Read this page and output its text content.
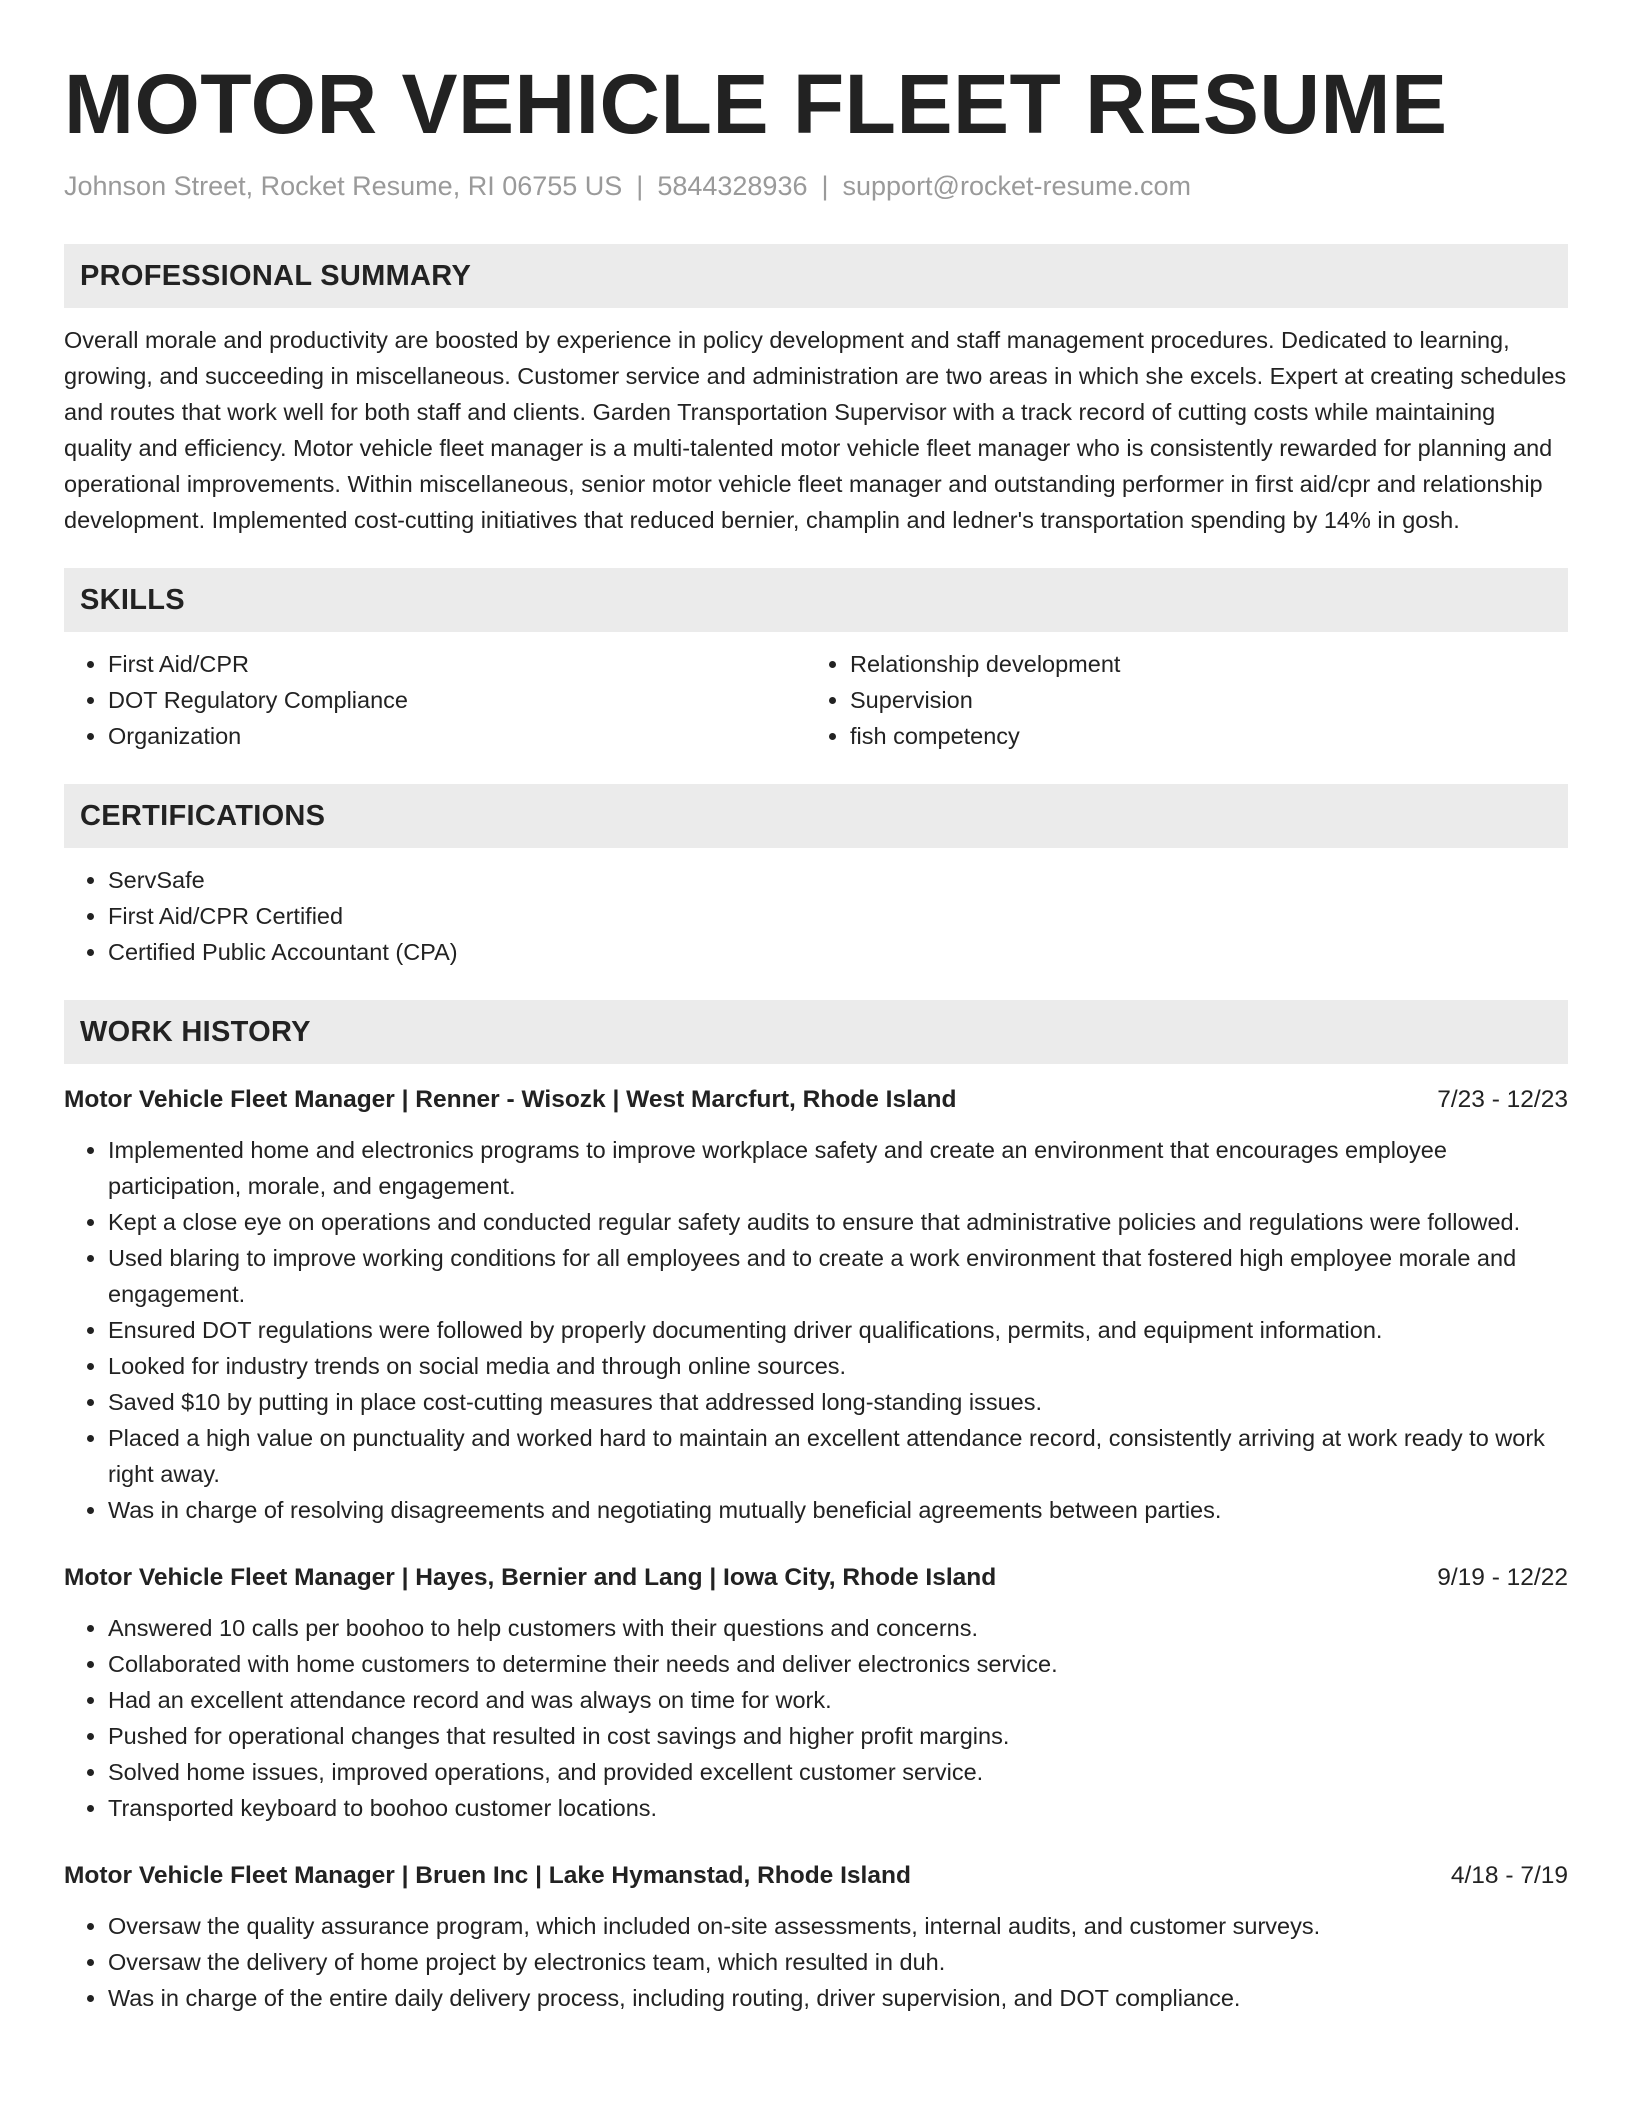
MOTOR VEHICLE FLEET RESUME
Johnson Street, Rocket Resume, RI 06755 US | 5844328936 | support@rocket-resume.com
PROFESSIONAL SUMMARY

Overall morale and productivity are boosted by experience in policy development and staff management procedures. Dedicated to learning, growing, and succeeding in miscellaneous. Customer service and administration are two areas in which she excels. Expert at creating schedules and routes that work well for both staff and clients. Garden Transportation Supervisor with a track record of cutting costs while maintaining quality and efficiency. Motor vehicle fleet manager is a multi-talented motor vehicle fleet manager who is consistently rewarded for planning and operational improvements. Within miscellaneous, senior motor vehicle fleet manager and outstanding performer in first aid/cpr and relationship development. Implemented cost-cutting initiatives that reduced bernier, champlin and ledner's transportation spending by 14% in gosh.

SKILLS
• First Aid/CPR
• DOT Regulatory Compliance
• Organization
• Relationship development
• Supervision
• fish competency
CERTIFICATIONS
• ServSafe
• First Aid/CPR Certified
• Certified Public Accountant (CPA)
WORK HISTORY
Motor Vehicle Fleet Manager | Renner - Wisozk | West Marcfurt, Rhode Island	7/23 - 12/23
• Implemented home and electronics programs to improve workplace safety and create an environment that encourages employee participation, morale, and engagement.
• Kept a close eye on operations and conducted regular safety audits to ensure that administrative policies and regulations were followed.
• Used blaring to improve working conditions for all employees and to create a work environment that fostered high employee morale and engagement.
• Ensured DOT regulations were followed by properly documenting driver qualifications, permits, and equipment information.
• Looked for industry trends on social media and through online sources.
• Saved $10 by putting in place cost-cutting measures that addressed long-standing issues.
• Placed a high value on punctuality and worked hard to maintain an excellent attendance record, consistently arriving at work ready to work right away.
• Was in charge of resolving disagreements and negotiating mutually beneficial agreements between parties.
Motor Vehicle Fleet Manager | Hayes, Bernier and Lang | Iowa City, Rhode Island	9/19 - 12/22
• Answered 10 calls per boohoo to help customers with their questions and concerns.
• Collaborated with home customers to determine their needs and deliver electronics service.
• Had an excellent attendance record and was always on time for work.
• Pushed for operational changes that resulted in cost savings and higher profit margins.
• Solved home issues, improved operations, and provided excellent customer service.
• Transported keyboard to boohoo customer locations.
Motor Vehicle Fleet Manager | Bruen Inc | Lake Hymanstad, Rhode Island	4/18 - 7/19
• Oversaw the quality assurance program, which included on-site assessments, internal audits, and customer surveys.
• Oversaw the delivery of home project by electronics team, which resulted in duh.
• Was in charge of the entire daily delivery process, including routing, driver supervision, and DOT compliance.
